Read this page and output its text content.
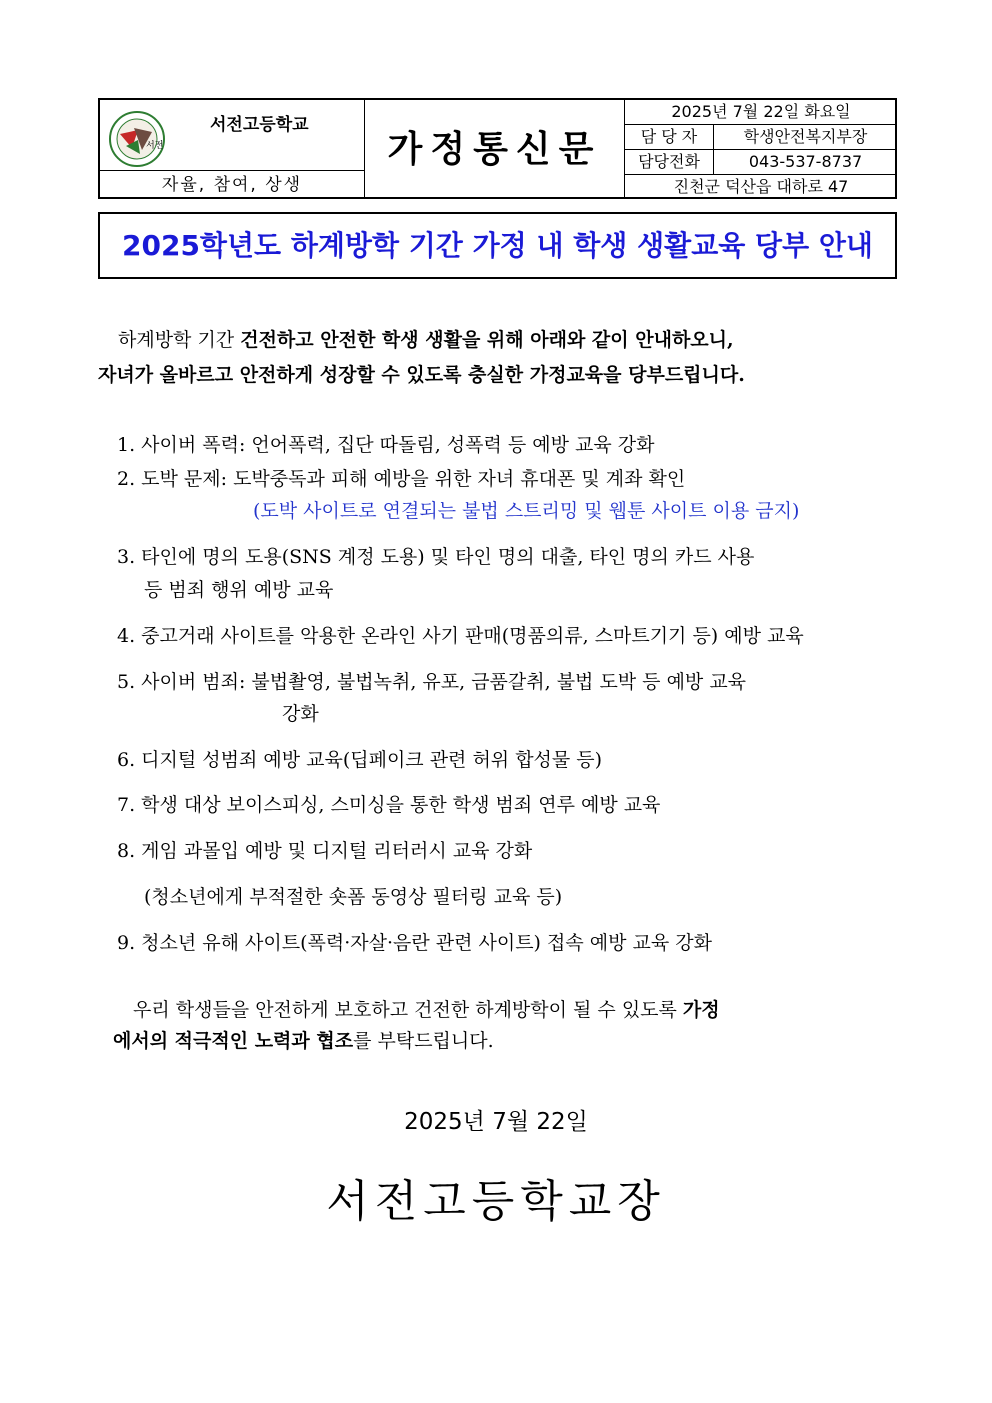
서전
서전고등학교
자율, 참여, 상생
가정통신문
2025년 7월 22일 화요일
담 당 자	학생안전복지부장
담당전화	043-537-8737
진천군 덕산읍 대하로 47
2025학년도 하계방학 기간 가정 내 학생 생활교육 당부 안내
하계방학 기간 건전하고 안전한 학생 생활을 위해 아래와 같이 안내하오니,
자녀가 올바르고 안전하게 성장할 수 있도록 충실한 가정교육을 당부드립니다.
1. 사이버 폭력: 언어폭력, 집단 따돌림, 성폭력 등 예방 교육 강화
2. 도박 문제: 도박중독과 피해 예방을 위한 자녀 휴대폰 및 계좌 확인
(도박 사이트로 연결되는 불법 스트리밍 및 웹툰 사이트 이용 금지)
3. 타인에 명의 도용(SNS 계정 도용) 및 타인 명의 대출, 타인 명의 카드 사용
등 범죄 행위 예방 교육
4. 중고거래 사이트를 악용한 온라인 사기 판매(명품의류, 스마트기기 등) 예방 교육
5. 사이버 범죄: 불법촬영, 불법녹취, 유포, 금품갈취, 불법 도박 등 예방 교육
강화
6. 디지털 성범죄 예방 교육(딥페이크 관련 허위 합성물 등)
7. 학생 대상 보이스피싱, 스미싱을 통한 학생 범죄 연루 예방 교육
8. 게임 과몰입 예방 및 디지털 리터러시 교육 강화
(청소년에게 부적절한 숏폼 동영상 필터링 교육 등)
9. 청소년 유해 사이트(폭력·자살·음란 관련 사이트) 접속 예방 교육 강화
우리 학생들을 안전하게 보호하고 건전한 하계방학이 될 수 있도록 가정
에서의 적극적인 노력과 협조를 부탁드립니다.
2025년 7월 22일
서전고등학교장
